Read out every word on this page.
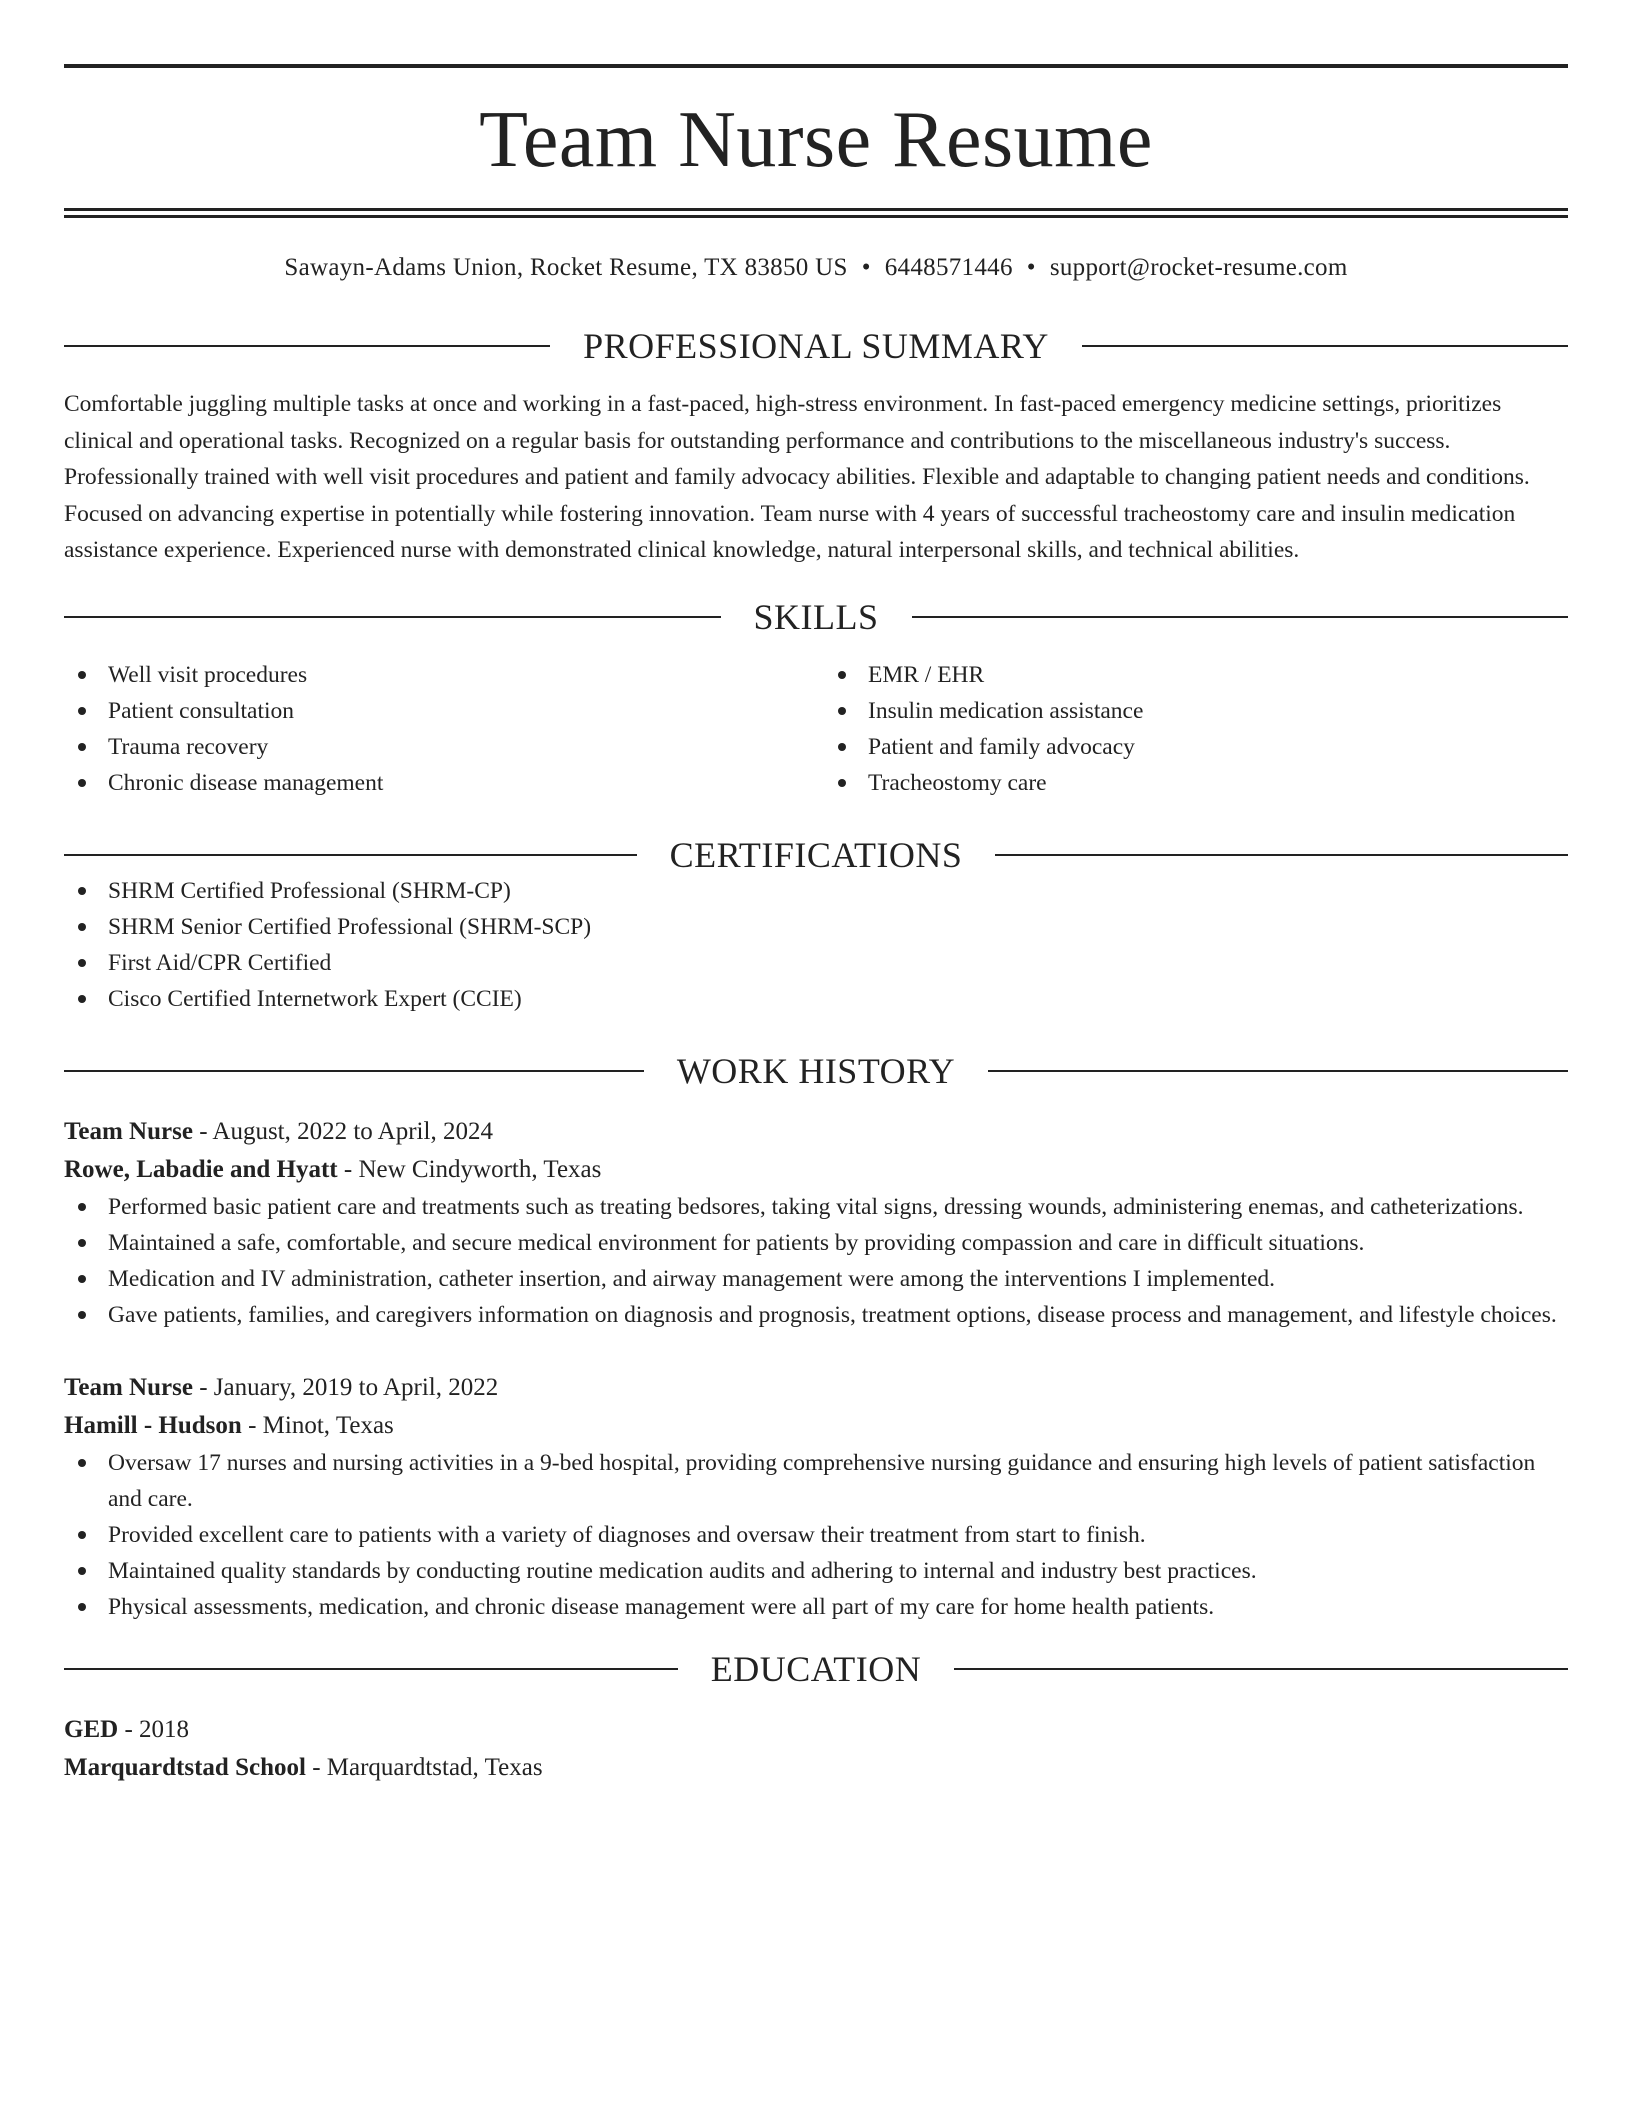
Team Nurse Resume
Sawayn-Adams Union, Rocket Resume, TX 83850 US • 6448571446 • support@rocket-resume.com
PROFESSIONAL SUMMARY
Comfortable juggling multiple tasks at once and working in a fast-paced, high-stress environment. In fast-paced emergency medicine settings, prioritizes clinical and operational tasks. Recognized on a regular basis for outstanding performance and contributions to the miscellaneous industry's success. Professionally trained with well visit procedures and patient and family advocacy abilities. Flexible and adaptable to changing patient needs and conditions. Focused on advancing expertise in potentially while fostering innovation. Team nurse with 4 years of successful tracheostomy care and insulin medication assistance experience. Experienced nurse with demonstrated clinical knowledge, natural interpersonal skills, and technical abilities.
SKILLS
Well visit procedures
Patient consultation
Trauma recovery
Chronic disease management
EMR / EHR
Insulin medication assistance
Patient and family advocacy
Tracheostomy care
CERTIFICATIONS
SHRM Certified Professional (SHRM-CP)
SHRM Senior Certified Professional (SHRM-SCP)
First Aid/CPR Certified
Cisco Certified Internetwork Expert (CCIE)
WORK HISTORY
Team Nurse - August, 2022 to April, 2024
Rowe, Labadie and Hyatt - New Cindyworth, Texas
Performed basic patient care and treatments such as treating bedsores, taking vital signs, dressing wounds, administering enemas, and catheterizations.
Maintained a safe, comfortable, and secure medical environment for patients by providing compassion and care in difficult situations.
Medication and IV administration, catheter insertion, and airway management were among the interventions I implemented.
Gave patients, families, and caregivers information on diagnosis and prognosis, treatment options, disease process and management, and lifestyle choices.
Team Nurse - January, 2019 to April, 2022
Hamill - Hudson - Minot, Texas
Oversaw 17 nurses and nursing activities in a 9-bed hospital, providing comprehensive nursing guidance and ensuring high levels of patient satisfaction and care.
Provided excellent care to patients with a variety of diagnoses and oversaw their treatment from start to finish.
Maintained quality standards by conducting routine medication audits and adhering to internal and industry best practices.
Physical assessments, medication, and chronic disease management were all part of my care for home health patients.
EDUCATION
GED - 2018
Marquardtstad School - Marquardtstad, Texas
